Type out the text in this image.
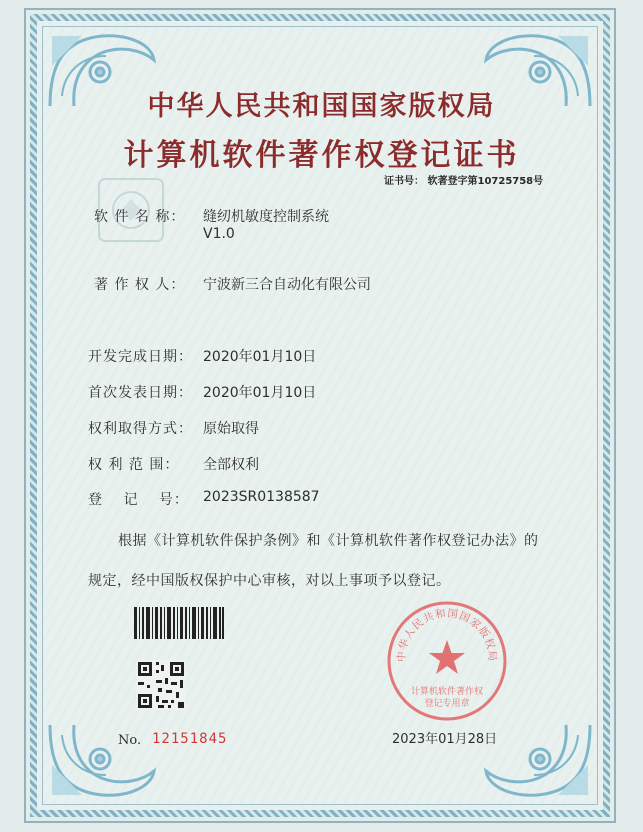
中华人民共和国国家版权局
计算机软件著作权登记证书
证书号： 软著登字第10725758号
软 件 名 称： 缝纫机敏度控制系统
V1.0
著 作 权 人： 宁波新三合自动化有限公司
开发完成日期： 2020年01月10日
首次发表日期： 2020年01月10日
权利取得方式： 原始取得
权 利 范 围： 全部权利
登　 记　 号： 2023SR0138587
根据《计算机软件保护条例》和《计算机软件著作权登记办法》的
规定，经中国版权保护中心审核，对以上事项予以登记。
No. 12151845
中华人民共和国国家版权局
计算机软件著作权
登记专用章
2023年01月28日
